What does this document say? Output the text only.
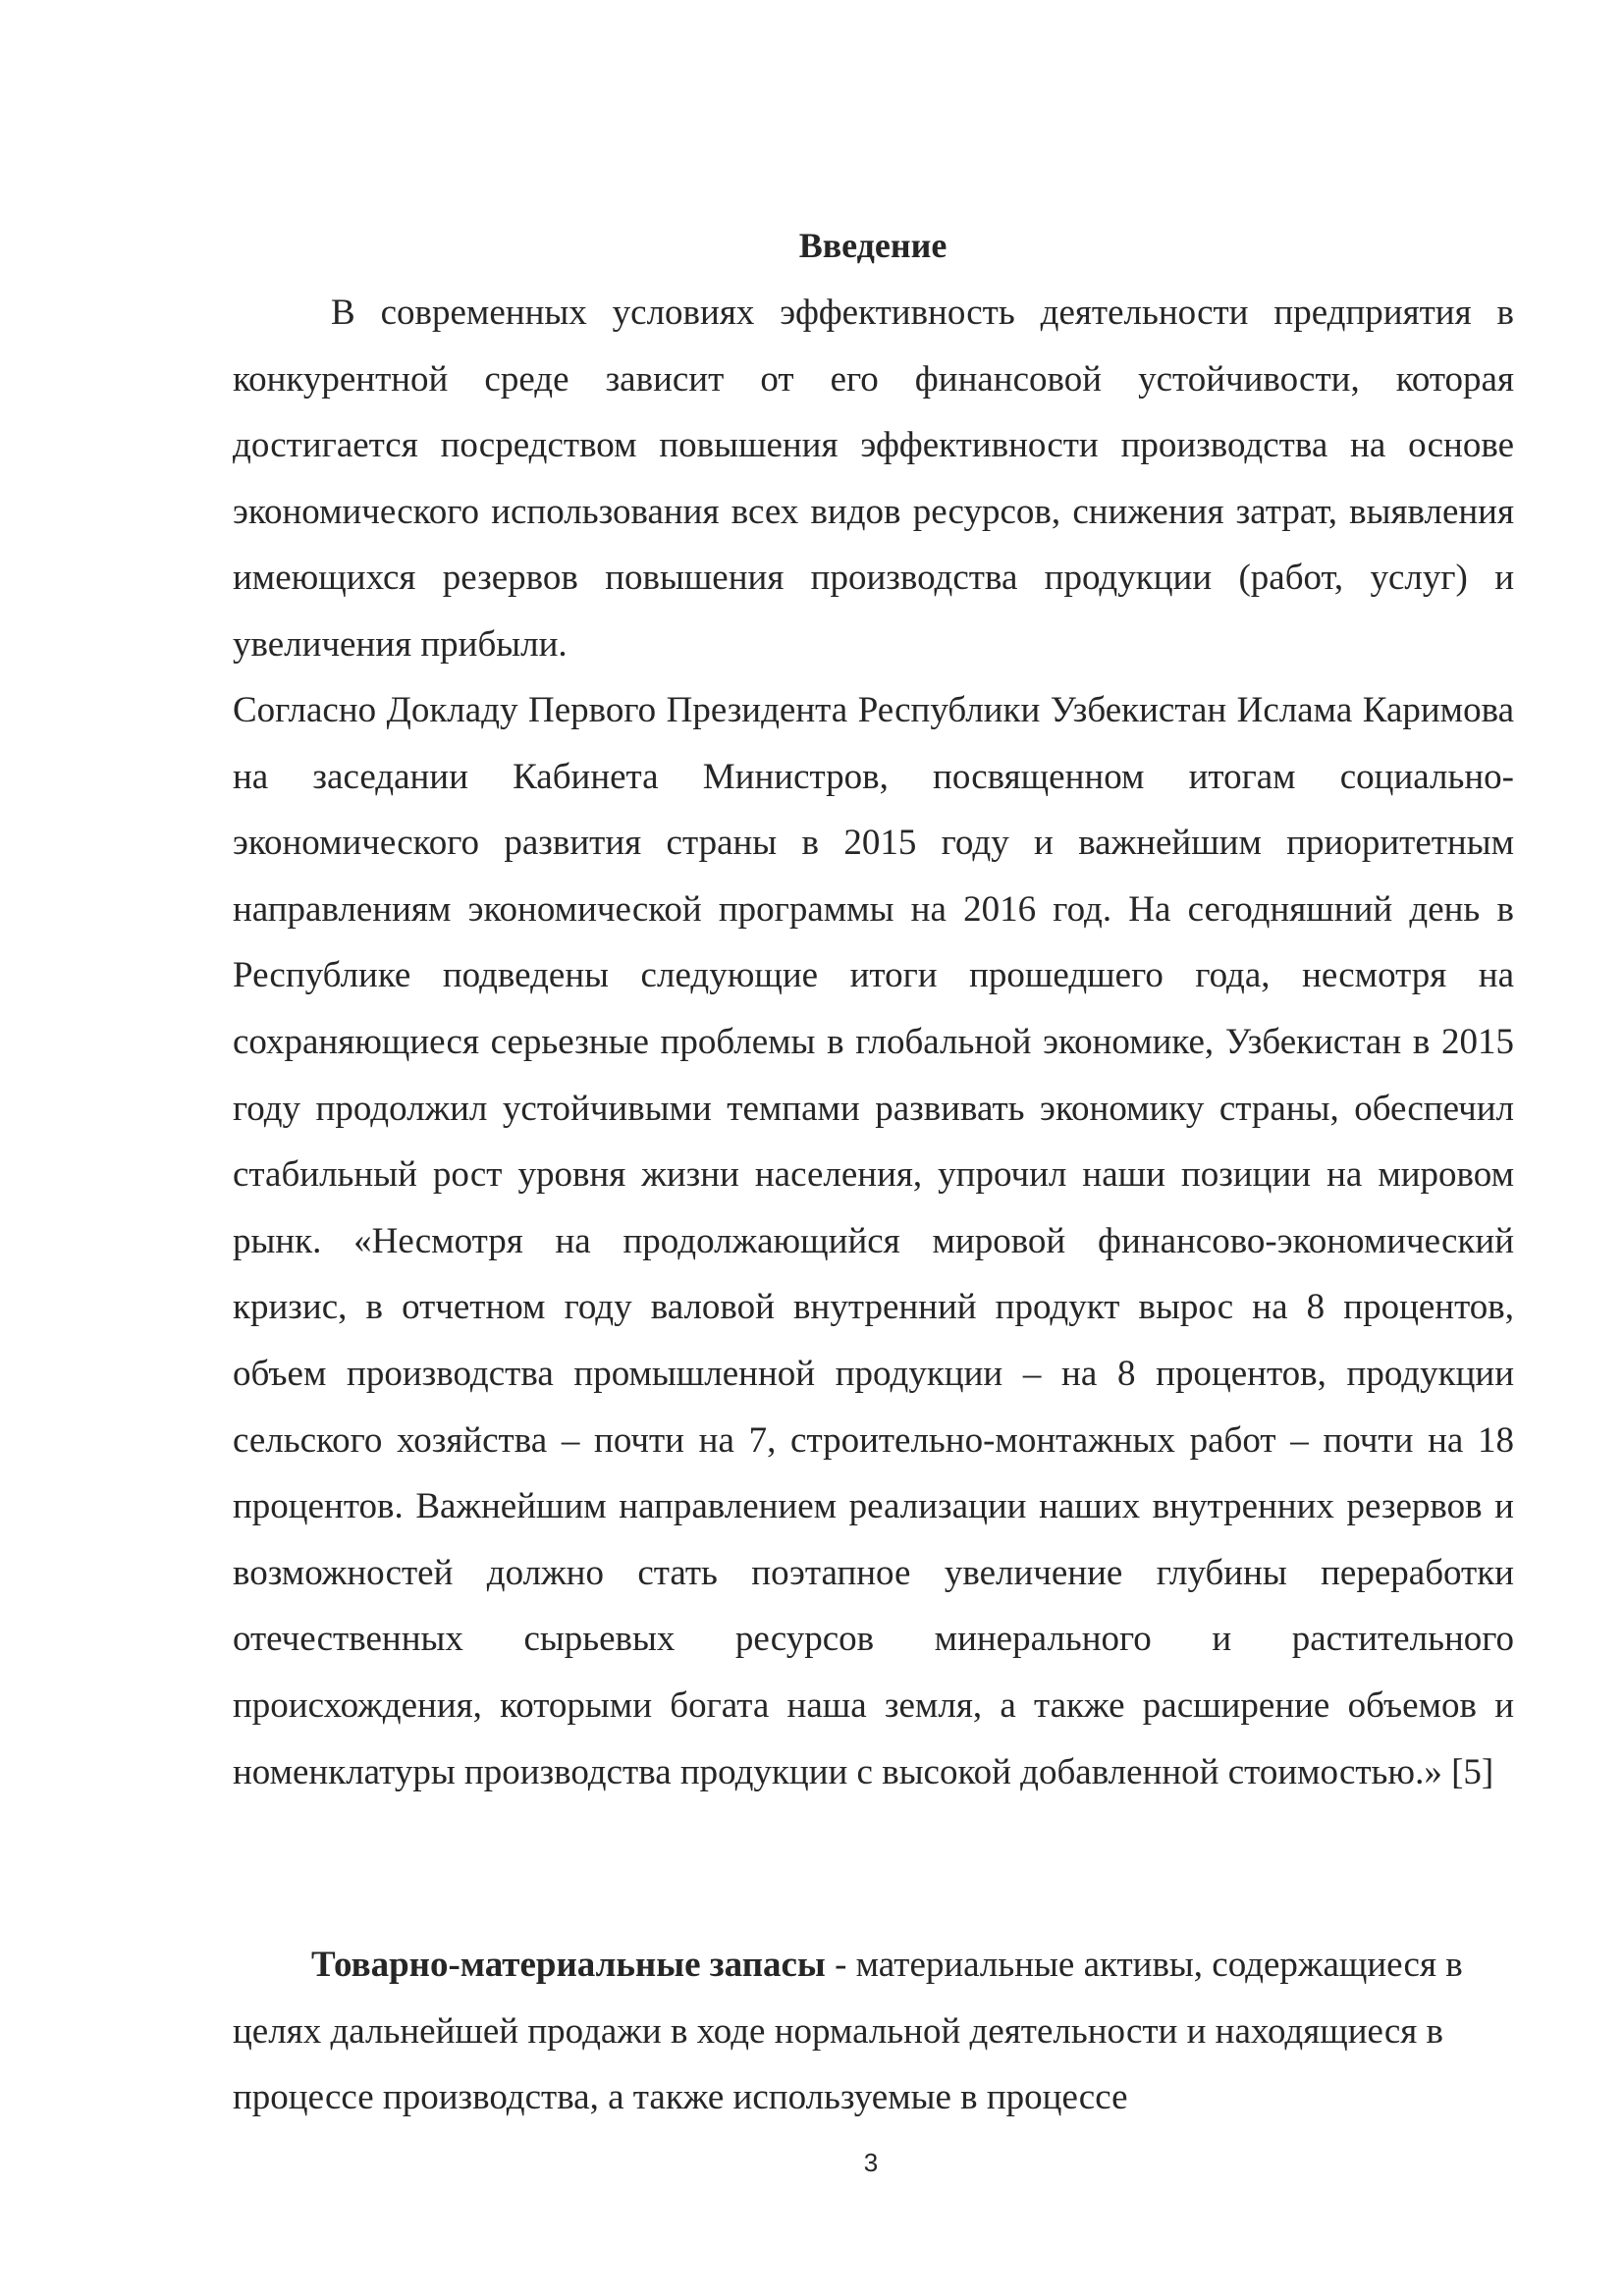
Введение

В современных условиях эффективность деятельности предприятия в конкурентной среде зависит от его финансовой устойчивости, которая достигается посредством повышения эффективности производства на основе экономического использования всех видов ресурсов, снижения затрат, выявления имеющихся резервов повышения производства продукции (работ, услуг) и увеличения прибыли.

Согласно Докладу Первого Президента Республики Узбекистан Ислама Каримова на заседании Кабинета Министров, посвященном итогам социально-экономического развития страны в 2015 году и важнейшим приоритетным направлениям экономической программы на 2016 год. На сегодняшний день в Республике подведены следующие итоги прошедшего года, несмотря на сохраняющиеся серьезные проблемы в глобальной экономике, Узбекистан в 2015 году продолжил устойчивыми темпами развивать экономику страны, обеспечил стабильный рост уровня жизни населения, упрочил наши позиции на мировом рынк. «Несмотря на продолжающийся мировой финансово-экономический кризис, в отчетном году валовой внутренний продукт вырос на 8 процентов, объем производства промышленной продукции – на 8 процентов, продукции сельского хозяйства – почти на 7, строительно-монтажных работ – почти на 18 процентов. Важнейшим направлением реализации наших внутренних резервов и возможностей должно стать поэтапное увеличение глубины переработки отечественных сырьевых ресурсов минерального и растительного происхождения, которыми богата наша земля, а также расширение объемов и номенклатуры производства продукции с высокой добавленной стоимостью.» [5]

Товарно-материальные запасы - материальные активы, содержащиеся в целях дальнейшей продажи в ходе нормальной деятельности и находящиеся в процессе производства, а также используемые в процессе

3
